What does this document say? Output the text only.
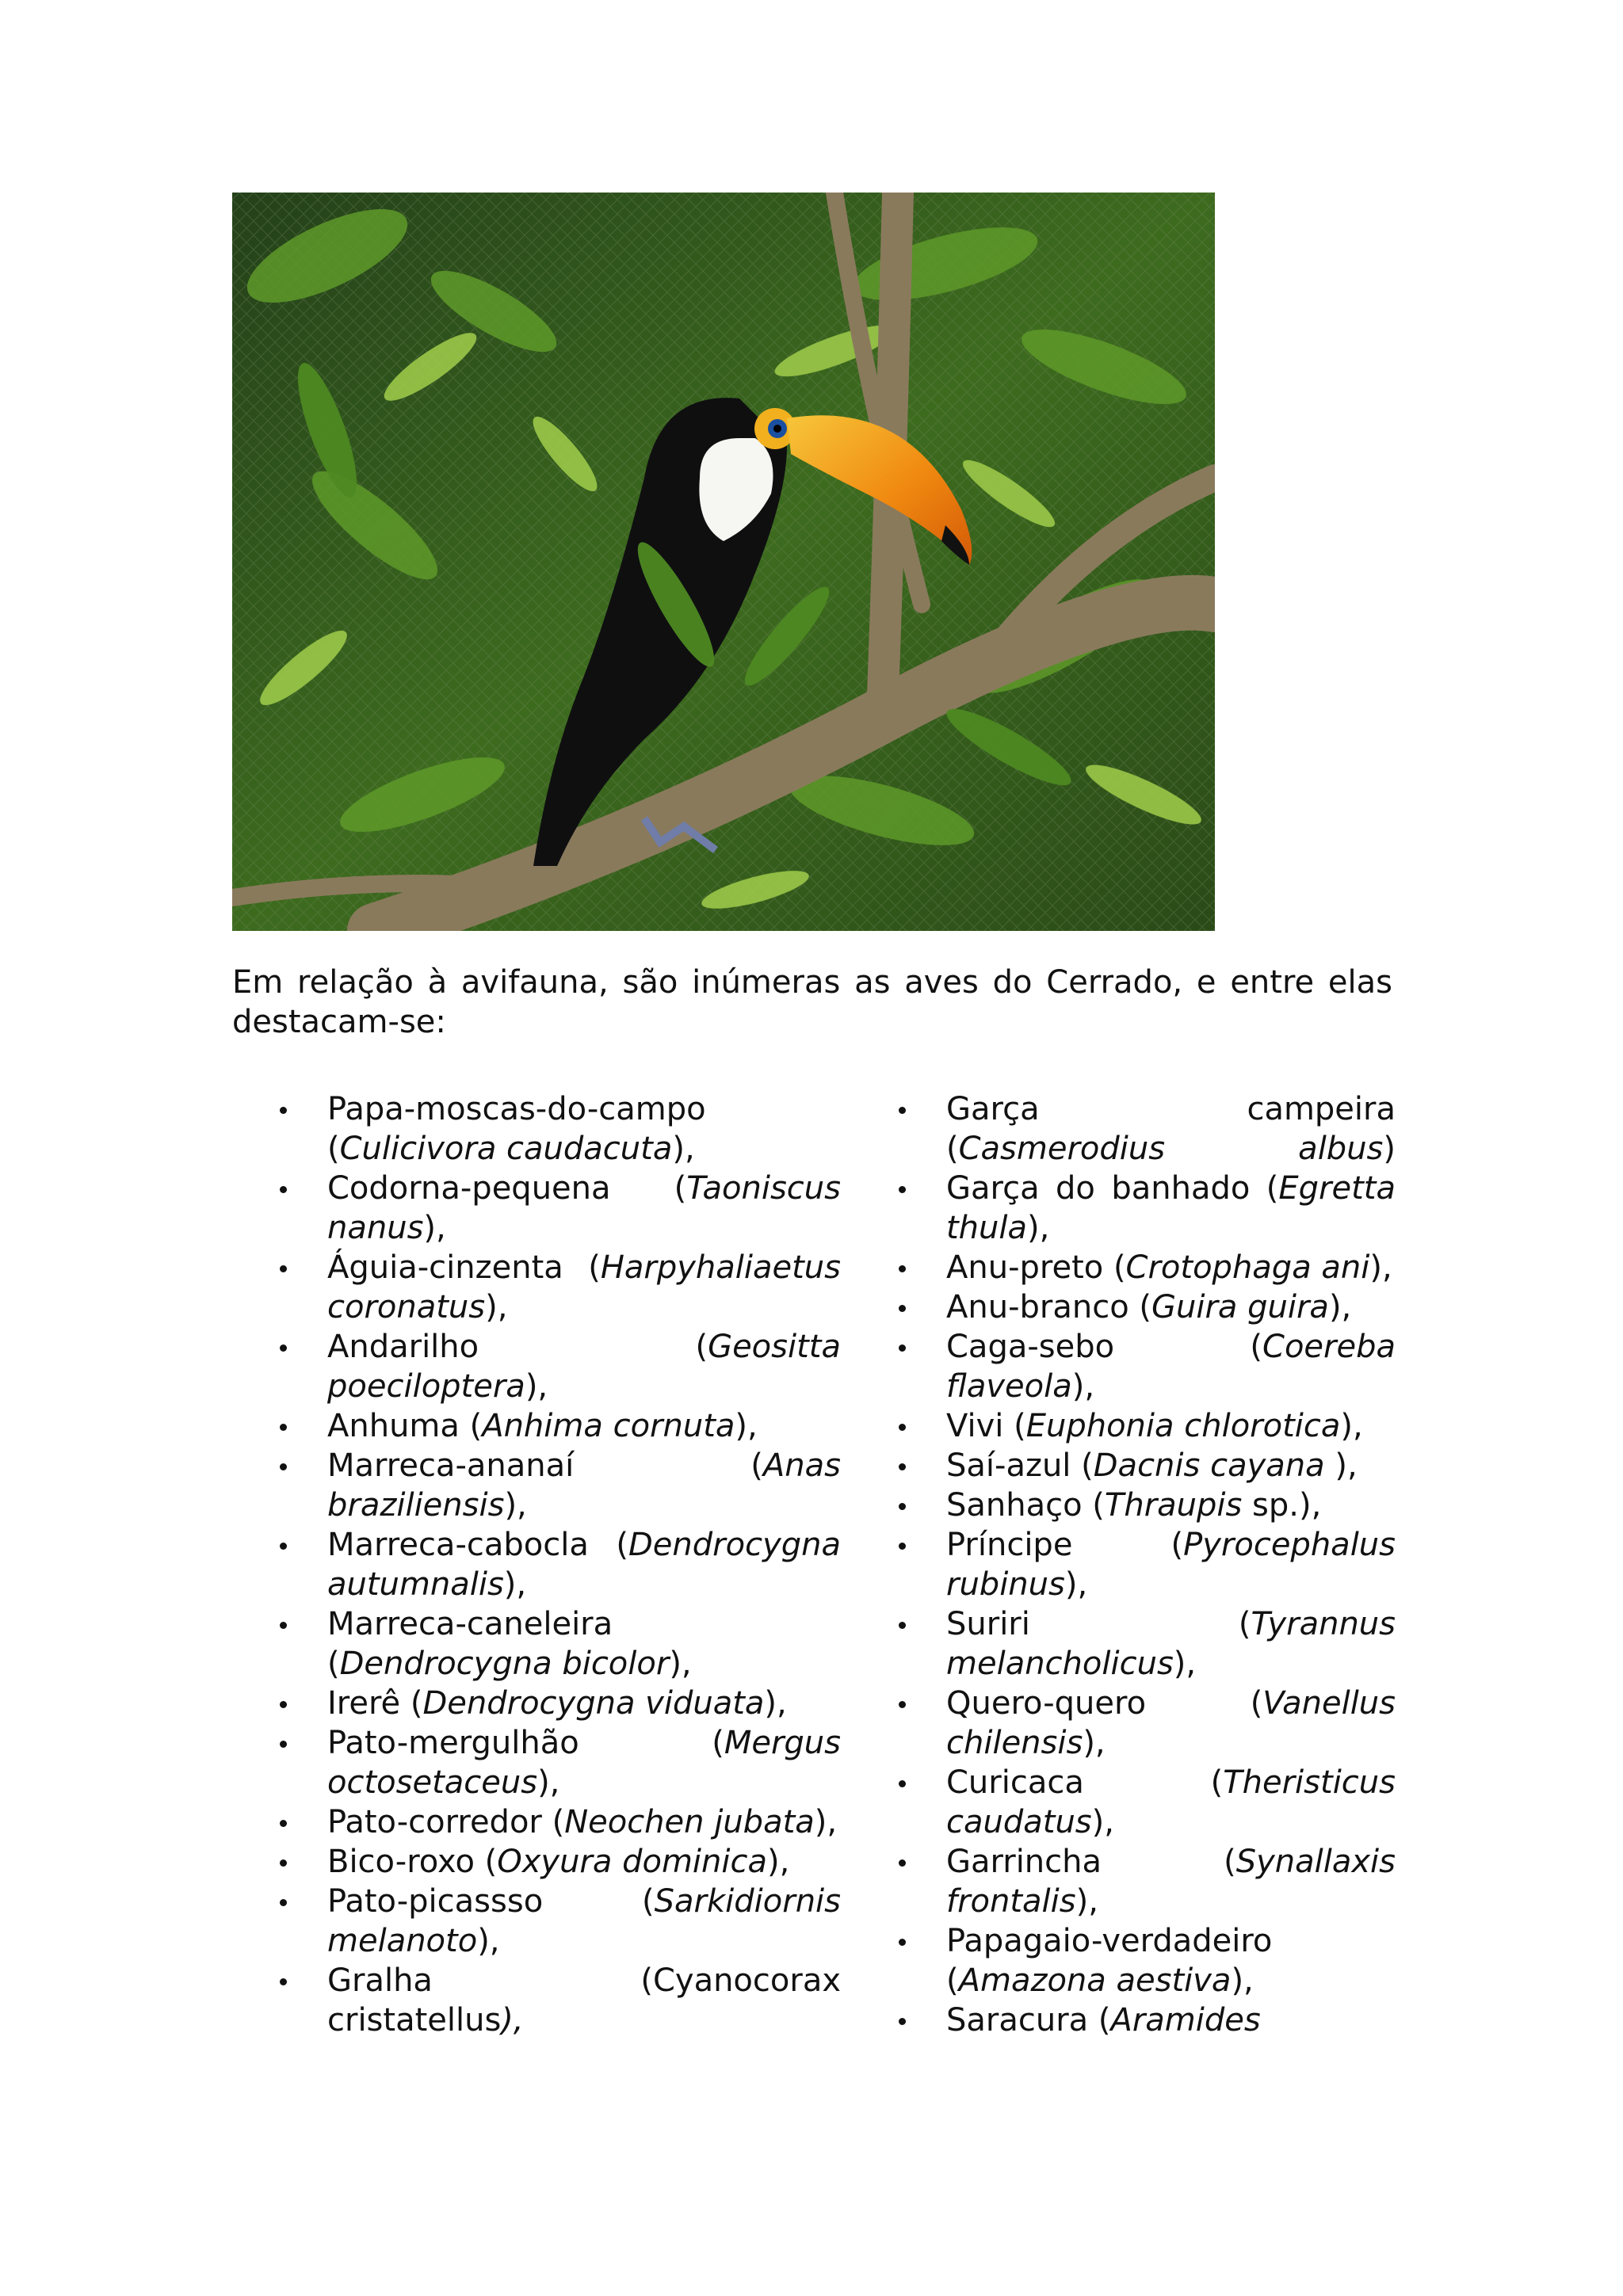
Em relação à avifauna, são inúmeras as aves do Cerrado, e entre elas destacam-se:

Papa-moscas-do-campo (Culicivora caudacuta),
Codorna-pequena (Taoniscus nanus),
Águia-cinzenta (Harpyhaliaetus coronatus),
Andarilho (Geositta poeciloptera),
Anhuma (Anhima cornuta),
Marreca-ananaí (Anas braziliensis),
Marreca-cabocla (Dendrocygna autumnalis),
Marreca-caneleira (Dendrocygna bicolor),
Irerê (Dendrocygna viduata),
Pato-mergulhão (Mergus octosetaceus),
Pato-corredor (Neochen jubata),
Bico-roxo (Oxyura dominica),
Pato-picassso (Sarkidiornis melanoto),
Gralha (Cyanocorax cristatellus),
Garça campeira (Casmerodius albus)
Garça do banhado (Egretta thula),
Anu-preto (Crotophaga ani),
Anu-branco (Guira guira),
Caga-sebo (Coereba flaveola),
Vivi (Euphonia chlorotica),
Saí-azul (Dacnis cayana ),
Sanhaço (Thraupis sp.),
Príncipe (Pyrocephalus rubinus),
Suriri (Tyrannus melancholicus),
Quero-quero (Vanellus chilensis),
Curicaca (Theristicus caudatus),
Garrincha (Synallaxis frontalis),
Papagaio-verdadeiro (Amazona aestiva),
Saracura (Aramides
